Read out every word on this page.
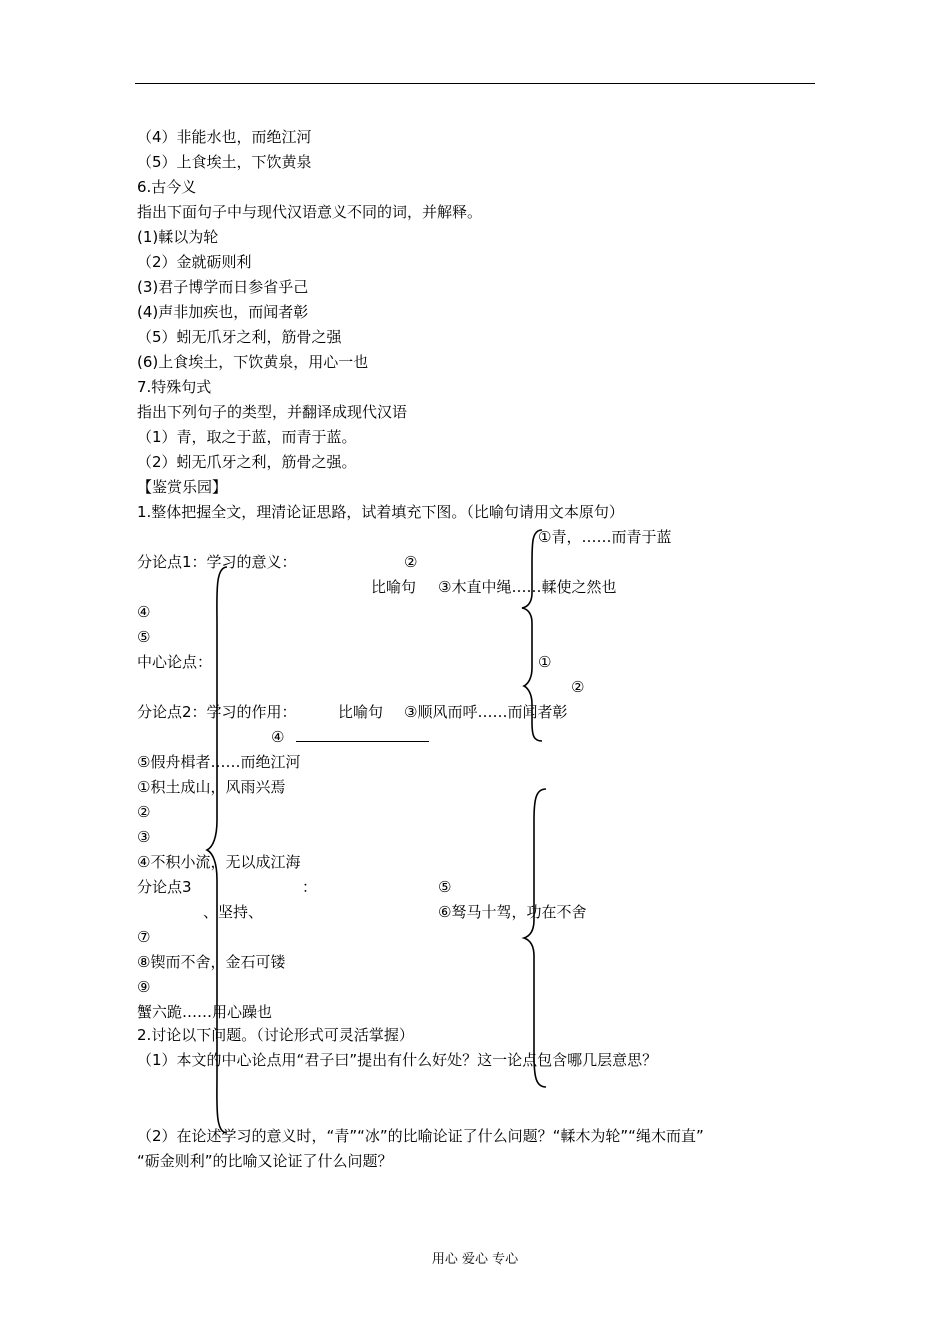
（4）非能水也，而绝江河
（5）上食埃土，下饮黄泉
6.古今义
指出下面句子中与现代汉语意义不同的词，并解释。
(1)輮以为轮
（2）金就砺则利
(3)君子博学而日参省乎己
(4)声非加疾也，而闻者彰
（5）蚓无爪牙之利，筋骨之强
(6)上食埃土，下饮黄泉，用心一也
7.特殊句式
指出下列句子的类型，并翻译成现代汉语
（1）青，取之于蓝，而青于蓝。
（2）蚓无爪牙之利，筋骨之强。
【鉴赏乐园】
1.整体把握全文，理清论证思路，试着填充下图。（比喻句请用文本原句）
①青，……而青于蓝
分论点1：学习的意义：	②
比喻句 ③木直中绳……輮使之然也
④
⑤
中心论点：	①
②
分论点2：学习的作用：	比喻句 ③顺风而呼……而闻者彰
④
⑤假舟楫者……而绝江河
①积土成山，风雨兴焉
②
③
④不积小流，无以成江海
分论点3	：	⑤
、坚持、	⑥驽马十驾，功在不舍
⑦
⑧锲而不舍，金石可镂
⑨
蟹六跪……用心躁也
2.讨论以下问题。（讨论形式可灵活掌握）
（1）本文的中心论点用“君子曰”提出有什么好处？这一论点包含哪几层意思？
（2）在论述学习的意义时，“青”“冰”的比喻论证了什么问题？“輮木为轮”“绳木而直”
“砺金则利”的比喻又论证了什么问题？
用心 爱心 专心
